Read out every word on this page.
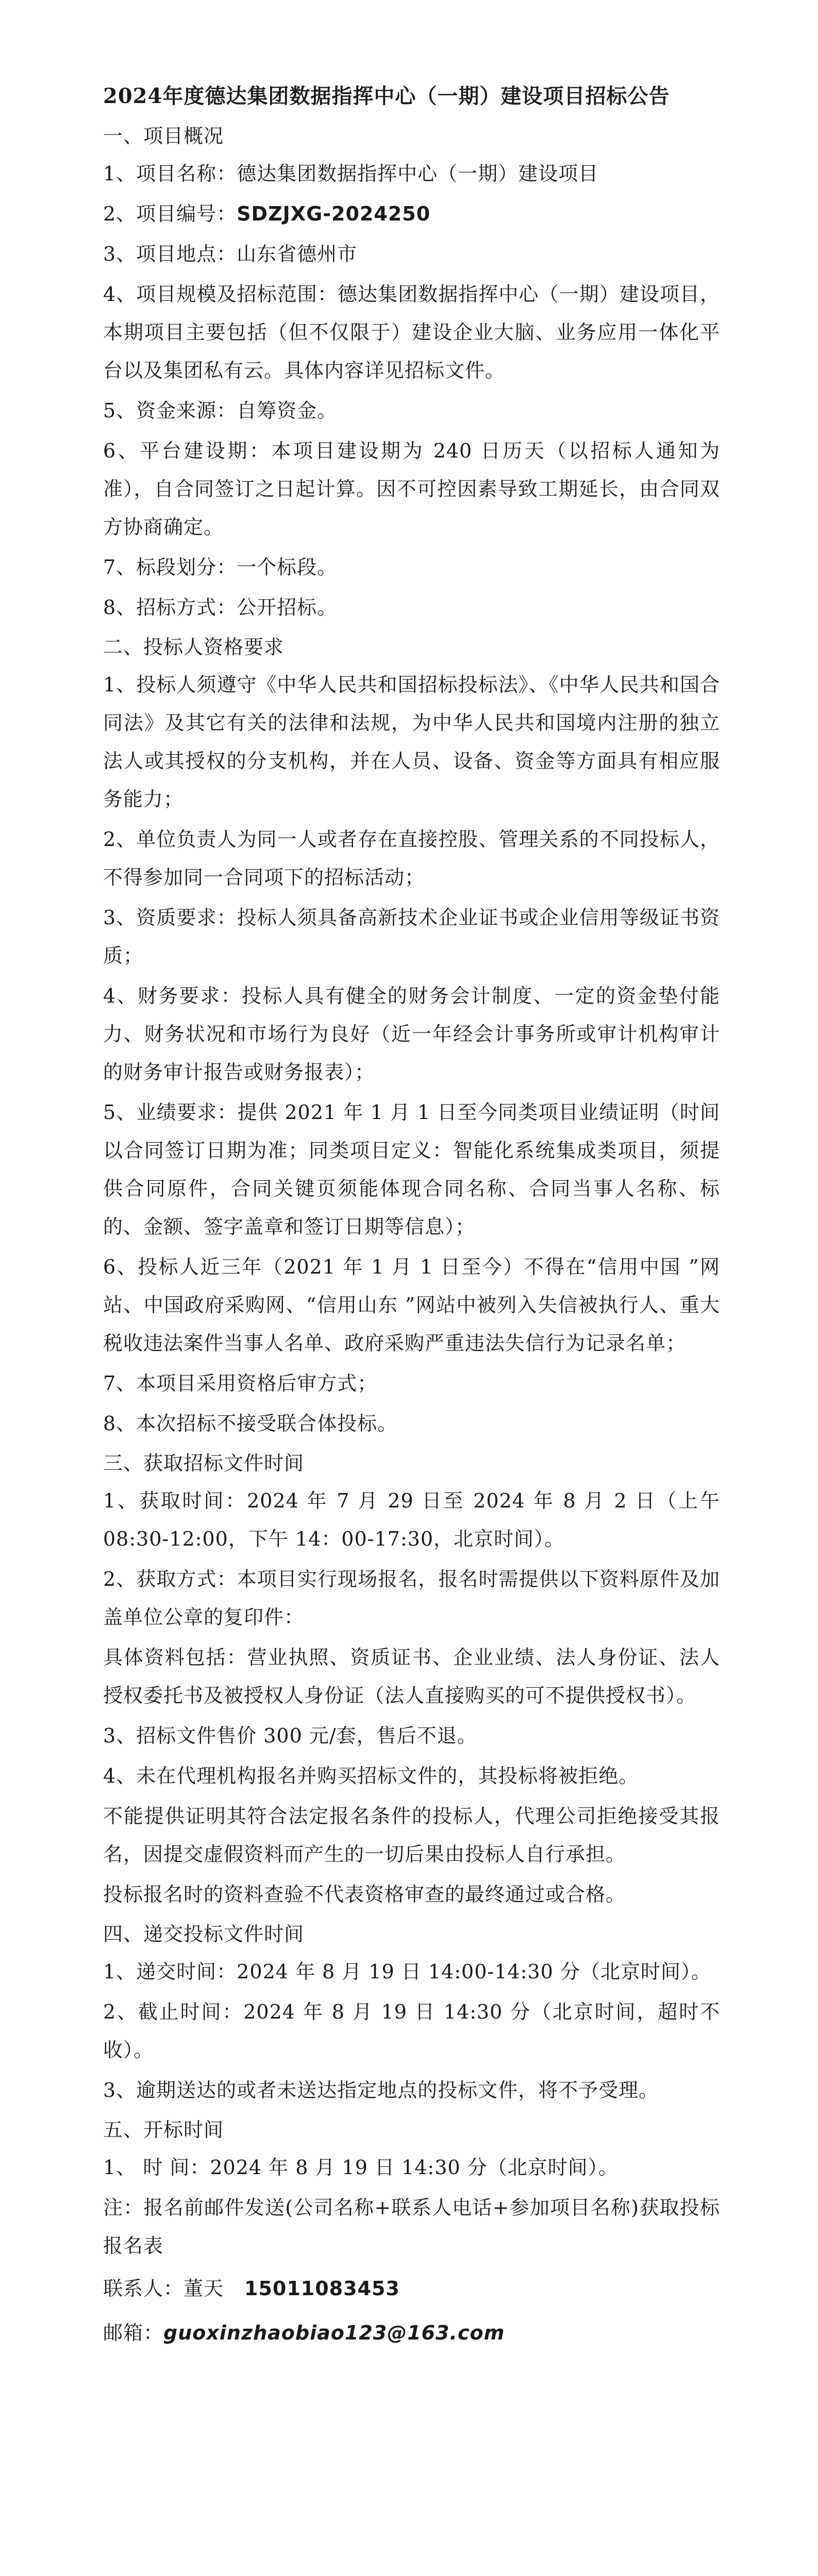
2024年度德达集团数据指挥中心（一期）建设项目招标公告
一、项目概况
1、项目名称：德达集团数据指挥中心（一期）建设项目
2、项目编号：SDZJXG-2024250
3、项目地点：山东省德州市
4、项目规模及招标范围：德达集团数据指挥中心（一期）建设项目，本期项目主要包括（但不仅限于）建设企业大脑、业务应用一体化平台以及集团私有云。具体内容详见招标文件。
5、资金来源：自筹资金。
6、平台建设期：本项目建设期为 240 日历天（以招标人通知为准），自合同签订之日起计算。因不可控因素导致工期延长，由合同双方协商确定。
7、标段划分：一个标段。
8、招标方式：公开招标。
二、投标人资格要求
1、投标人须遵守《中华人民共和国招标投标法》、《中华人民共和国合同法》及其它有关的法律和法规，为中华人民共和国境内注册的独立法人或其授权的分支机构，并在人员、设备、资金等方面具有相应服务能力；
2、单位负责人为同一人或者存在直接控股、管理关系的不同投标人，不得参加同一合同项下的招标活动；
3、资质要求：投标人须具备高新技术企业证书或企业信用等级证书资质；
4、财务要求：投标人具有健全的财务会计制度、一定的资金垫付能力、财务状况和市场行为良好（近一年经会计事务所或审计机构审计的财务审计报告或财务报表）；
5、业绩要求：提供 2021 年 1 月 1 日至今同类项目业绩证明（时间以合同签订日期为准；同类项目定义：智能化系统集成类项目，须提供合同原件，合同关键页须能体现合同名称、合同当事人名称、标的、金额、签字盖章和签订日期等信息）；
6、投标人近三年（2021 年 1 月 1 日至今）不得在“信用中国 ”网站、中国政府采购网、“信用山东 ”网站中被列入失信被执行人、重大税收违法案件当事人名单、政府采购严重违法失信行为记录名单；
7、本项目采用资格后审方式；
8、本次招标不接受联合体投标。
三、获取招标文件时间
1、获取时间：2024 年 7 月 29 日至 2024 年 8 月 2 日（上午 08:30-12:00，下午 14：00-17:30，北京时间）。
2、获取方式：本项目实行现场报名，报名时需提供以下资料原件及加盖单位公章的复印件：
具体资料包括：营业执照、资质证书、企业业绩、法人身份证、法人授权委托书及被授权人身份证（法人直接购买的可不提供授权书）。
3、招标文件售价 300 元/套，售后不退。
4、未在代理机构报名并购买招标文件的，其投标将被拒绝。
不能提供证明其符合法定报名条件的投标人，代理公司拒绝接受其报名，因提交虚假资料而产生的一切后果由投标人自行承担。
投标报名时的资料查验不代表资格审查的最终通过或合格。
四、递交投标文件时间
1、递交时间：2024 年 8 月 19 日 14:00-14:30 分（北京时间）。
2、截止时间：2024 年 8 月 19 日 14:30 分（北京时间，超时不收）。
3、逾期送达的或者未送达指定地点的投标文件，将不予受理。
五、开标时间
1、 时 间：2024 年 8 月 19 日 14:30 分（北京时间）。
注：报名前邮件发送(公司名称+联系人电话+参加项目名称)获取投标报名表
联系人：董天 15011083453
邮箱：guoxinzhaobiao123@163.com
